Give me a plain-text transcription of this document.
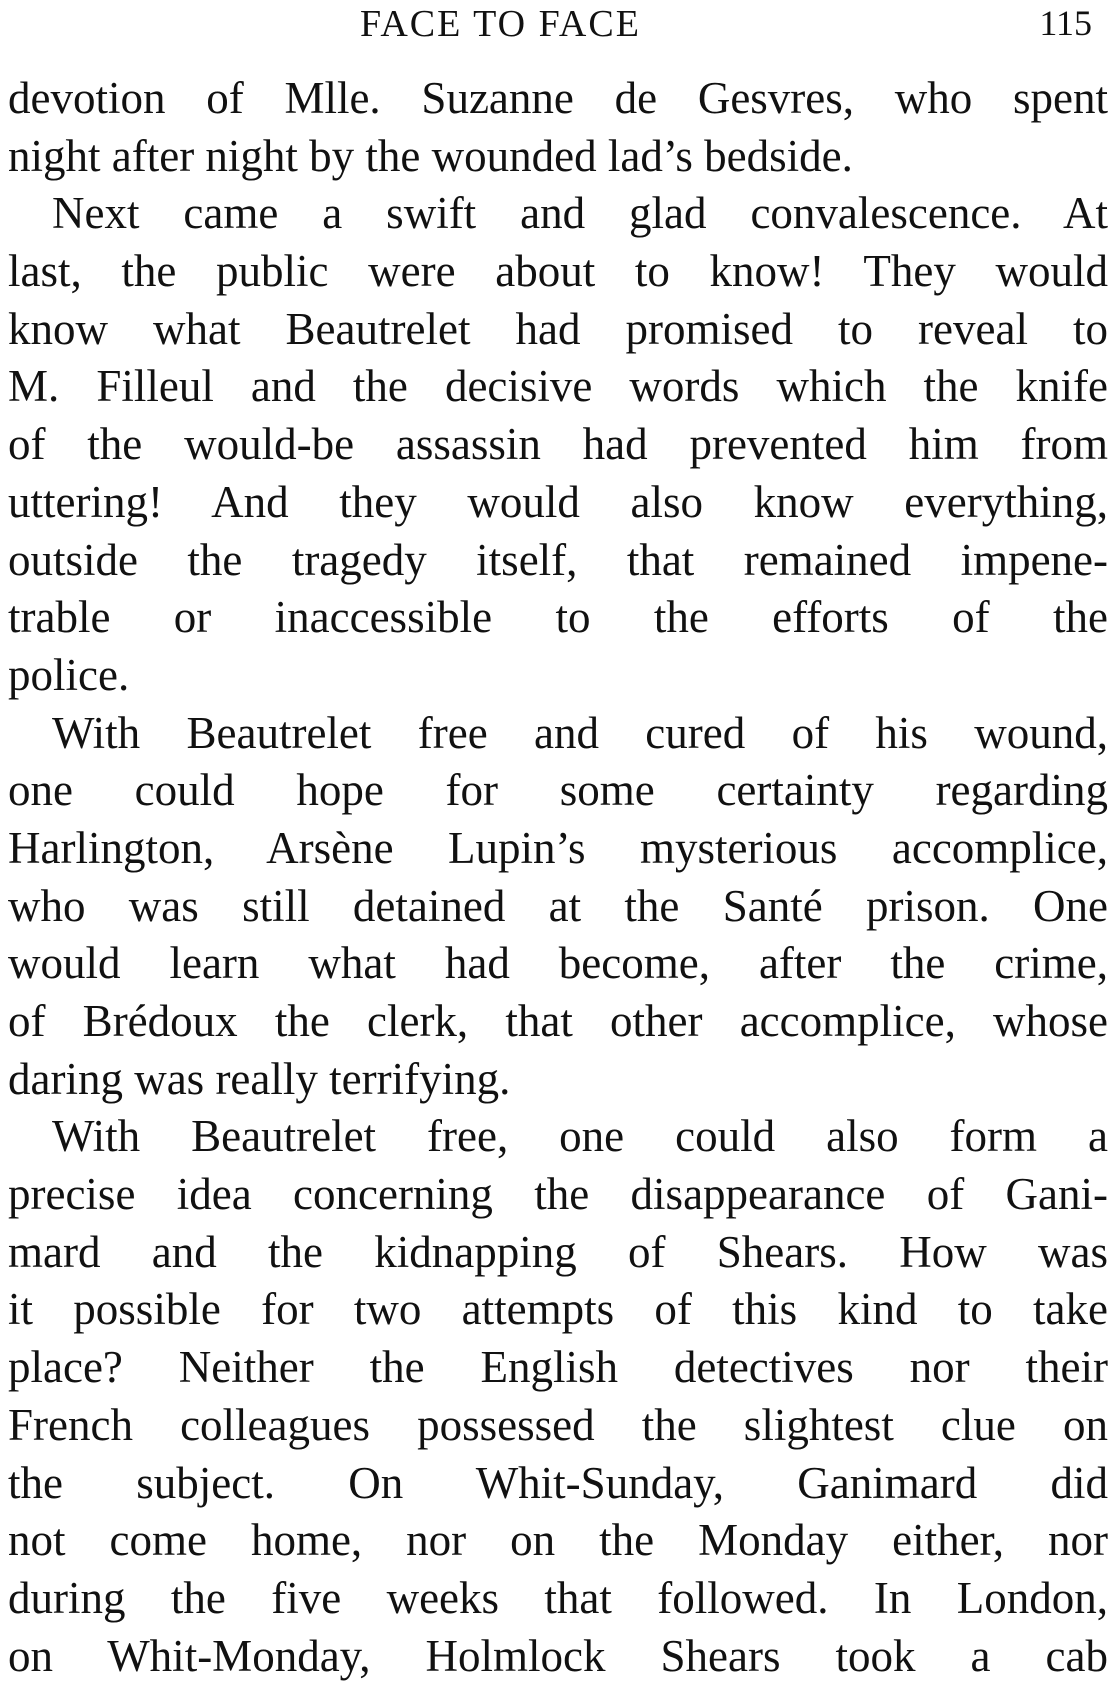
FACE TO FACE	115
devotion of Mlle. Suzanne de Gesvres, who spent
night after night by the wounded lad’s bedside.
Next came a swift and glad convalescence. At
last, the public were about to know! They would
know what Beautrelet had promised to reveal to
M. Filleul and the decisive words which the knife
of the would-be assassin had prevented him from
uttering! And they would also know everything,
outside the tragedy itself, that remained impene-
trable or inaccessible to the efforts of the
police.
With Beautrelet free and cured of his wound,
one could hope for some certainty regarding
Harlington, Arsène Lupin’s mysterious accomplice,
who was still detained at the Santé prison. One
would learn what had become, after the crime,
of Brédoux the clerk, that other accomplice, whose
daring was really terrifying.
With Beautrelet free, one could also form a
precise idea concerning the disappearance of Gani-
mard and the kidnapping of Shears. How was
it possible for two attempts of this kind to take
place? Neither the English detectives nor their
French colleagues possessed the slightest clue on
the subject. On Whit-Sunday, Ganimard did
not come home, nor on the Monday either, nor
during the five weeks that followed. In London,
on Whit-Monday, Holmlock Shears took a cab
